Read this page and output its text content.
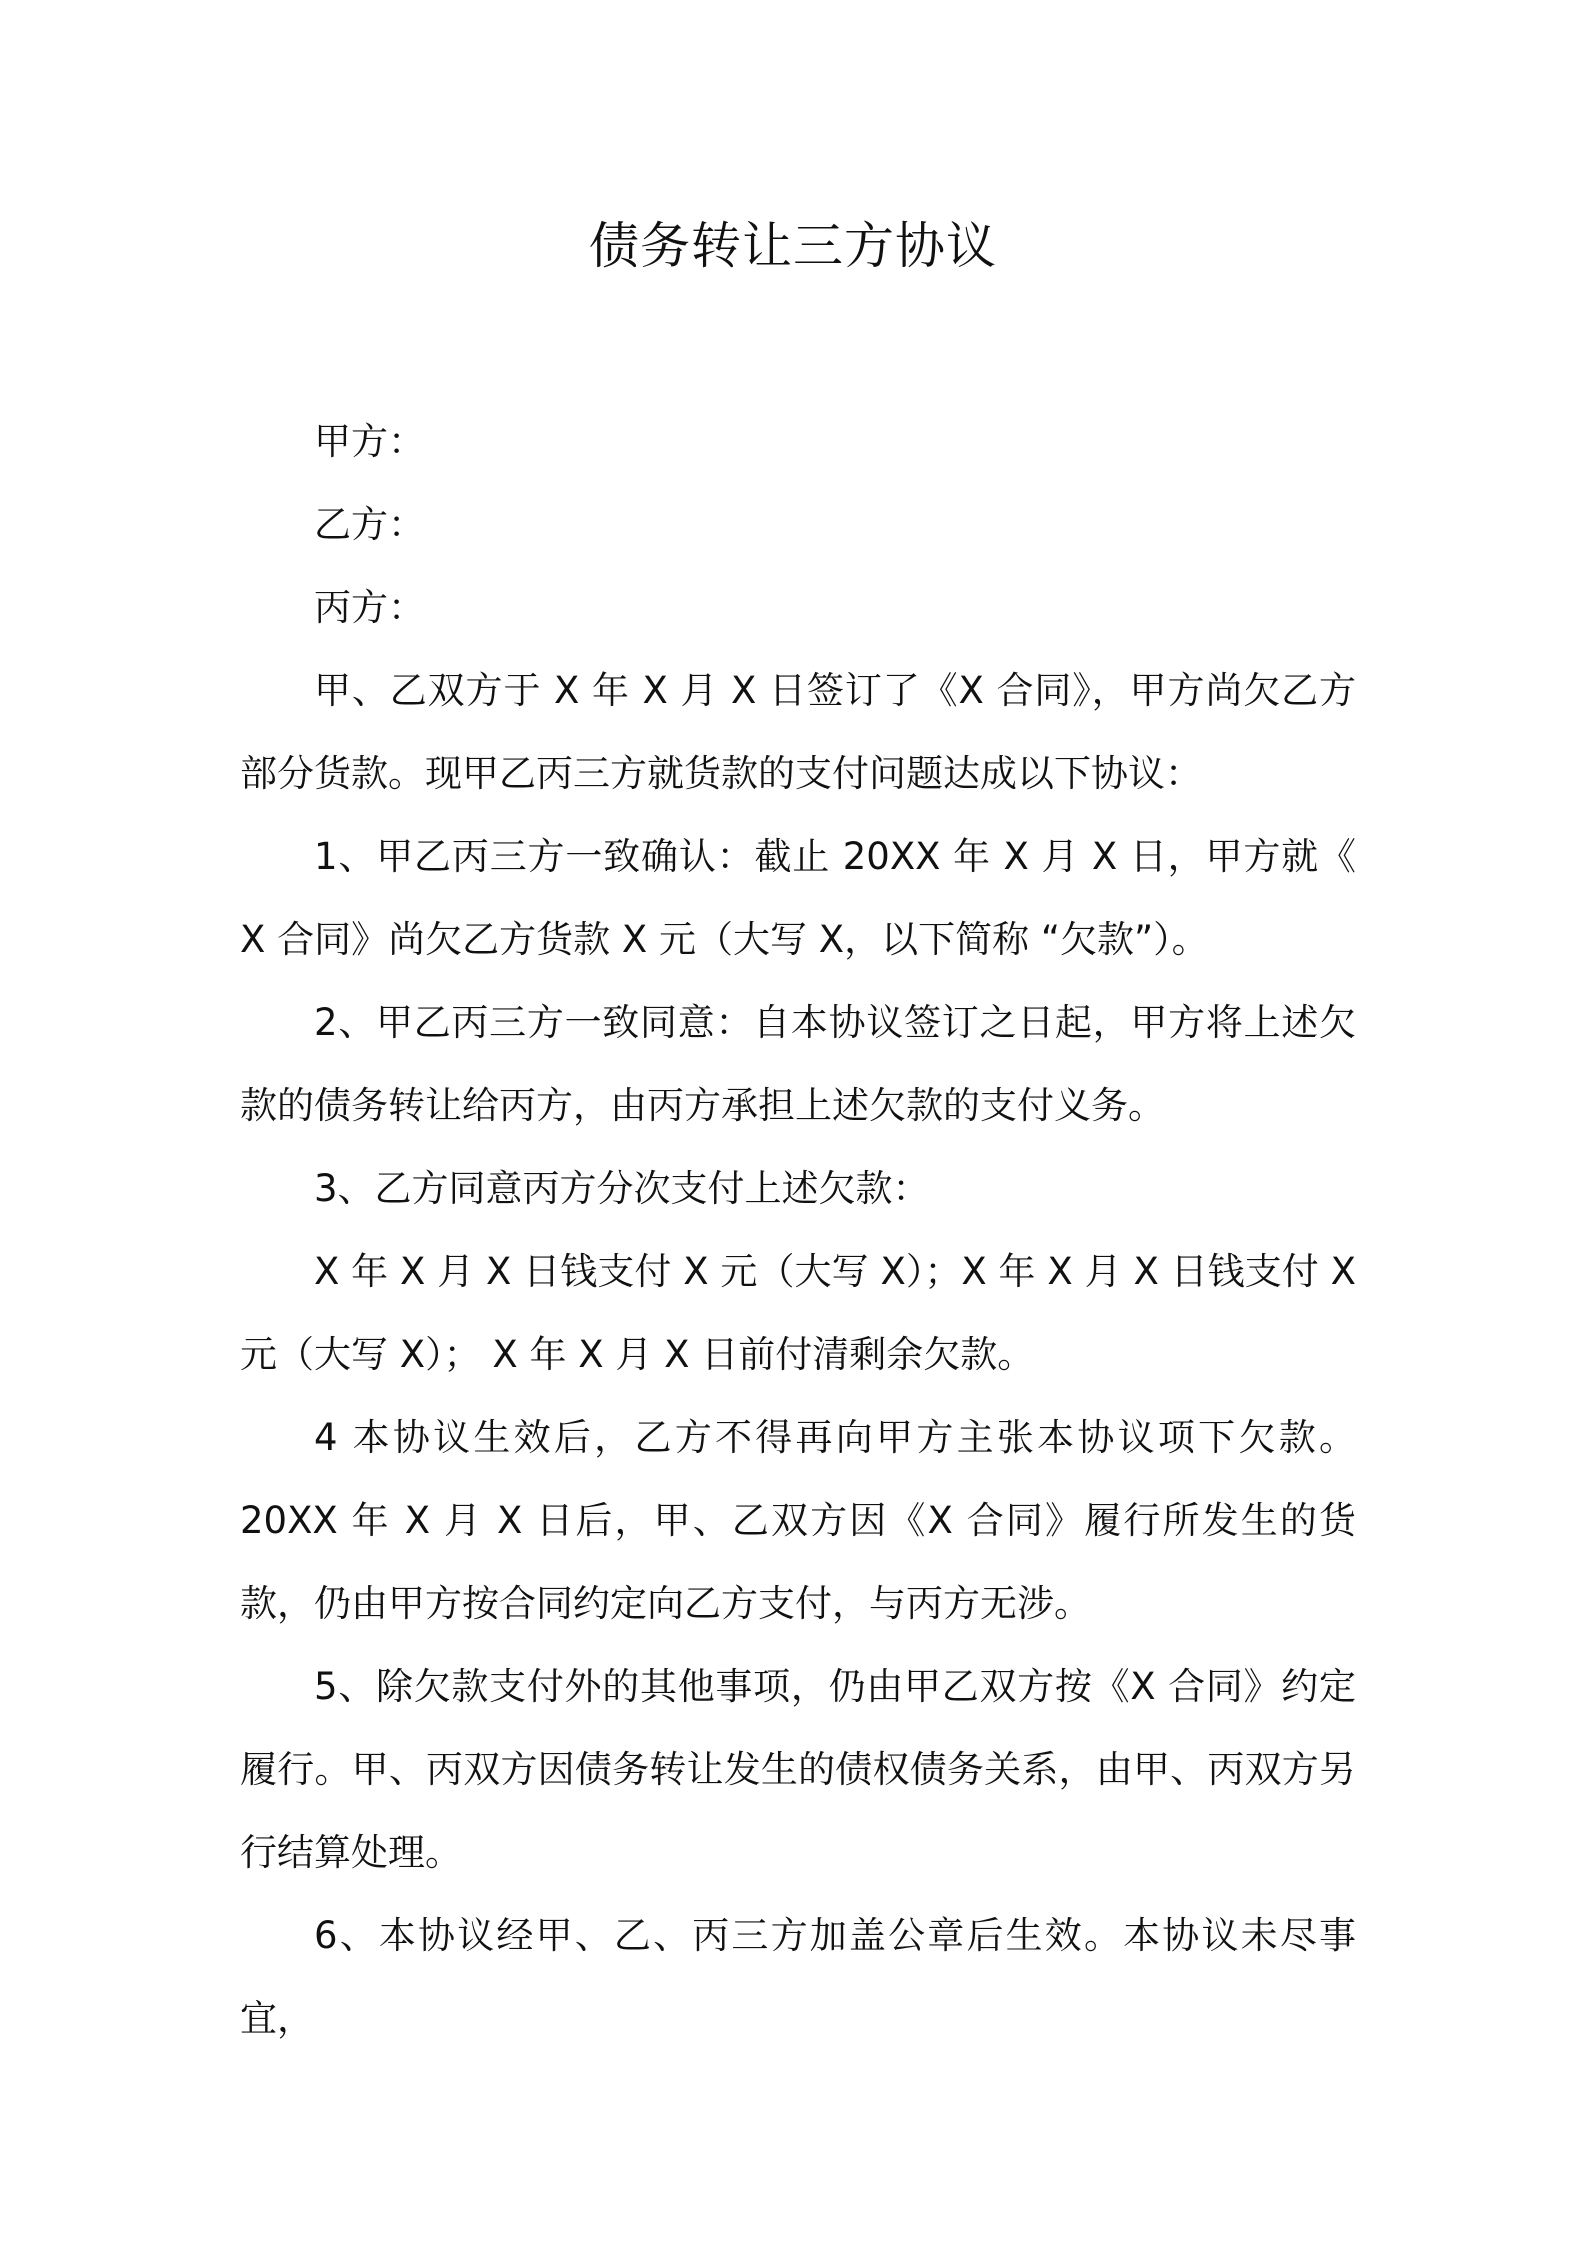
债务转让三方协议

甲方：

乙方：

丙方：

甲、乙双方于 X 年 X 月 X 日签订了《X 合同》，甲方尚欠乙方部分货款。现甲乙丙三方就货款的支付问题达成以下协议：

1、甲乙丙三方一致确认：截止 20XX 年 X 月 X 日，甲方就《 X 合同》尚欠乙方货款 X 元（大写 X，以下简称 “欠款”）。

2、甲乙丙三方一致同意：自本协议签订之日起，甲方将上述欠款的债务转让给丙方，由丙方承担上述欠款的支付义务。

3、乙方同意丙方分次支付上述欠款：

X 年 X 月 X 日钱支付 X 元（大写 X）；X 年 X 月 X 日钱支付 X 元（大写 X）； X 年 X 月 X 日前付清剩余欠款。

4 本协议生效后，乙方不得再向甲方主张本协议项下欠款。20XX 年 X 月 X 日后，甲、乙双方因《X 合同》履行所发生的货款，仍由甲方按合同约定向乙方支付，与丙方无涉。

5、除欠款支付外的其他事项，仍由甲乙双方按《X 合同》约定履行。甲、丙双方因债务转让发生的债权债务关系，由甲、丙双方另行结算处理。

6、本协议经甲、乙、丙三方加盖公章后生效。本协议未尽事宜，
